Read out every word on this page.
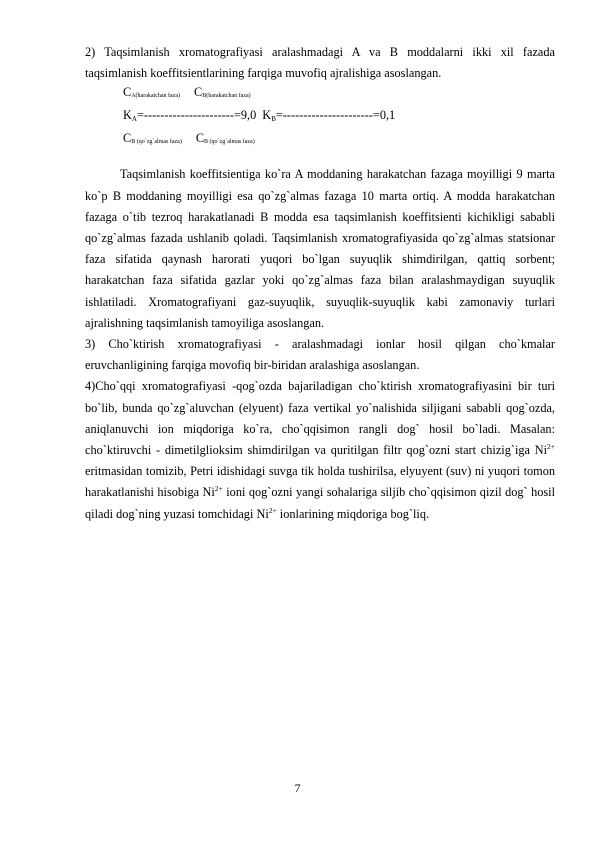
2) Taqsimlanish xromatografiyasi aralashmadagi A va B moddalarni ikki xil fazada taqsimlanish koeffitsientlarining farqiga muvofiq ajralishiga asoslangan.

CA(harakatchan faza) CB(harakatchan faza)

KA=----------------------=9,0 KB=----------------------=0,1

CB (qo`zg`almas faza) CB (qo`zg`almas faza)

Taqsimlanish koeffitsientiga ko`ra A moddaning harakatchan fazaga moyilligi 9 marta ko`p B moddaning moyilligi esa qo`zg`almas fazaga 10 marta ortiq. A modda harakatchan fazaga o`tib tezroq harakatlanadi B modda esa taqsimlanish koeffitsienti kichikligi sababli qo`zg`almas fazada ushlanib qoladi. Taqsimlanish xromatografiyasida qo`zg`almas statsionar faza sifatida qaynash harorati yuqori bo`lgan suyuqlik shimdirilgan, qattiq sorbent; harakatchan faza sifatida gazlar yoki qo`zg`almas faza bilan aralashmaydigan suyuqlik ishlatiladi. Xromatografiyani gaz-suyuqlik, suyuqlik-suyuqlik kabi zamonaviy turlari ajralishning taqsimlanish tamoyiliga asoslangan.

3) Cho`ktirish xromatografiyasi - aralashmadagi ionlar hosil qilgan cho`kmalar eruvchanligining farqiga movofiq bir-biridan aralashiga asoslangan.

4)Cho`qqi xromatografiyasi -qog`ozda bajariladigan cho`ktirish xromatografiyasini bir turi bo`lib, bunda qo`zg`aluvchan (elyuent) faza vertikal yo`nalishida siljigani sababli qog`ozda, aniqlanuvchi ion miqdoriga ko`ra, cho`qqisimon rangli dog` hosil bo`ladi. Masalan: cho`ktiruvchi - dimetilglioksim shimdirilgan va quritilgan filtr qog`ozni start chizig`iga $Ni^{2+}$ eritmasidan tomizib, Petri idishidagi suvga tik holda tushirilsa, elyuyent (suv) ni yuqori tomon harakatlanishi hisobiga $Ni^{2+}$ ioni qog`ozni yangi sohalariga siljib cho`qqisimon qizil dog` hosil qiladi dog`ning yuzasi tomchidagi $Ni^{2+}$ ionlarining miqdoriga bog`liq.

7
